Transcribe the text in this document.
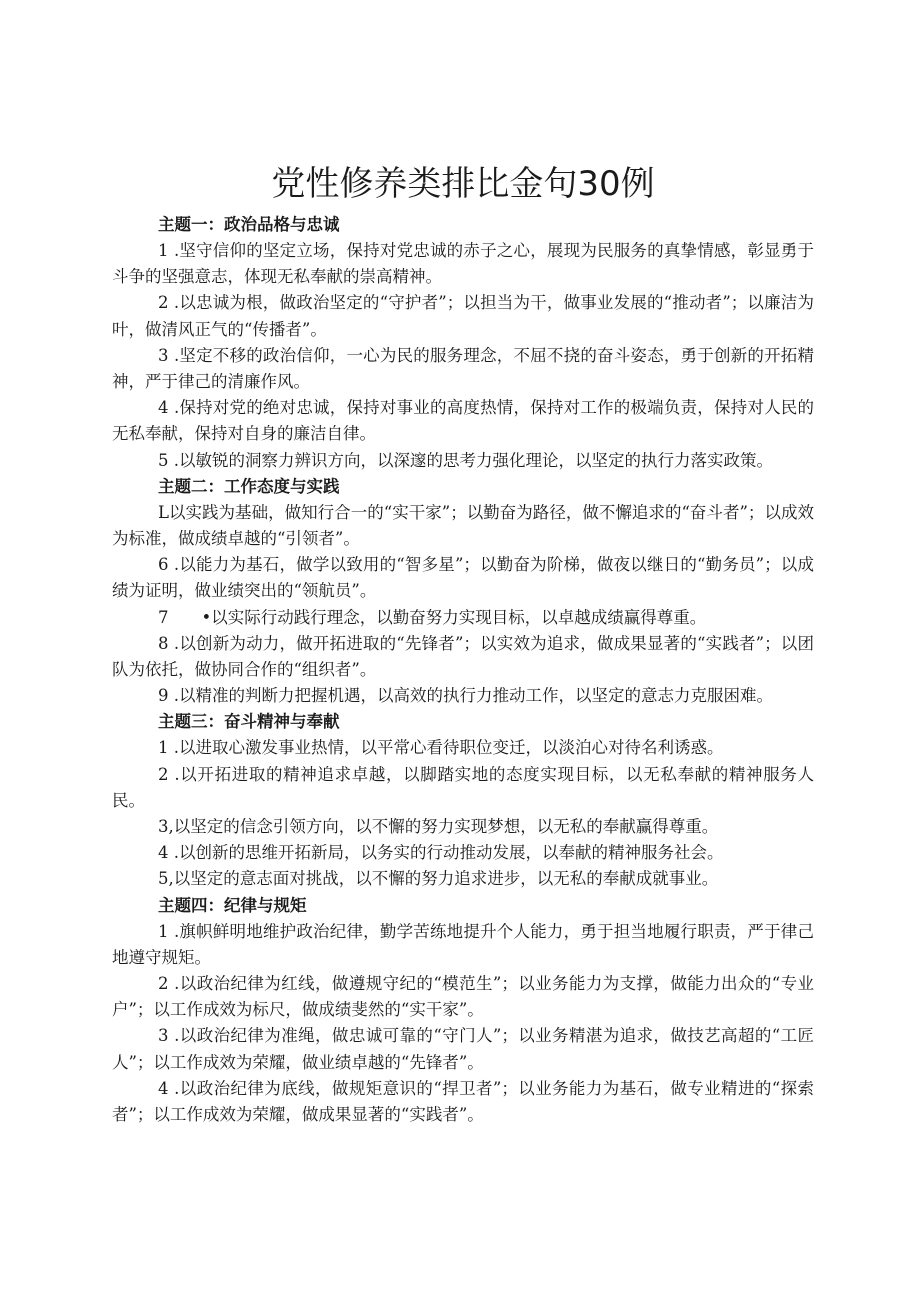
党性修养类排比金句30例

主题一：政治品格与忠诚

1 .坚守信仰的坚定立场，保持对党忠诚的赤子之心，展现为民服务的真挚情感，彰显勇于斗争的坚强意志，体现无私奉献的崇高精神。

2 .以忠诚为根，做政治坚定的“守护者”；以担当为干，做事业发展的“推动者”；以廉洁为叶，做清风正气的“传播者”。

3 .坚定不移的政治信仰，一心为民的服务理念，不屈不挠的奋斗姿态，勇于创新的开拓精神，严于律己的清廉作风。

4 .保持对党的绝对忠诚，保持对事业的高度热情，保持对工作的极端负责，保持对人民的无私奉献，保持对自身的廉洁自律。

5 .以敏锐的洞察力辨识方向，以深邃的思考力强化理论，以坚定的执行力落实政策。

主题二：工作态度与实践

L以实践为基础，做知行合一的“实干家”；以勤奋为路径，做不懈追求的“奋斗者”；以成效为标准，做成绩卓越的“引领者”。

6 .以能力为基石，做学以致用的“智多星”；以勤奋为阶梯，做夜以继日的“勤务员”；以成绩为证明，做业绩突出的“领航员”。

7　　•以实际行动践行理念，以勤奋努力实现目标，以卓越成绩赢得尊重。

8 .以创新为动力，做开拓进取的“先锋者”；以实效为追求，做成果显著的“实践者”；以团队为依托，做协同合作的“组织者”。

9 .以精准的判断力把握机遇，以高效的执行力推动工作，以坚定的意志力克服困难。

主题三：奋斗精神与奉献

1 .以进取心激发事业热情，以平常心看待职位变迁，以淡泊心对待名利诱惑。

2 .以开拓进取的精神追求卓越，以脚踏实地的态度实现目标，以无私奉献的精神服务人民。

3,以坚定的信念引领方向，以不懈的努力实现梦想，以无私的奉献赢得尊重。

4 .以创新的思维开拓新局，以务实的行动推动发展，以奉献的精神服务社会。

5,以坚定的意志面对挑战，以不懈的努力追求进步，以无私的奉献成就事业。

主题四：纪律与规矩

1 .旗帜鲜明地维护政治纪律，勤学苦练地提升个人能力，勇于担当地履行职责，严于律己地遵守规矩。

2 .以政治纪律为红线，做遵规守纪的“模范生”；以业务能力为支撑，做能力出众的“专业户”；以工作成效为标尺，做成绩斐然的“实干家”。

3 .以政治纪律为准绳，做忠诚可靠的“守门人”；以业务精湛为追求，做技艺高超的“工匠人”；以工作成效为荣耀，做业绩卓越的“先锋者”。

4 .以政治纪律为底线，做规矩意识的“捍卫者”；以业务能力为基石，做专业精进的“探索者”；以工作成效为荣耀，做成果显著的“实践者”。
